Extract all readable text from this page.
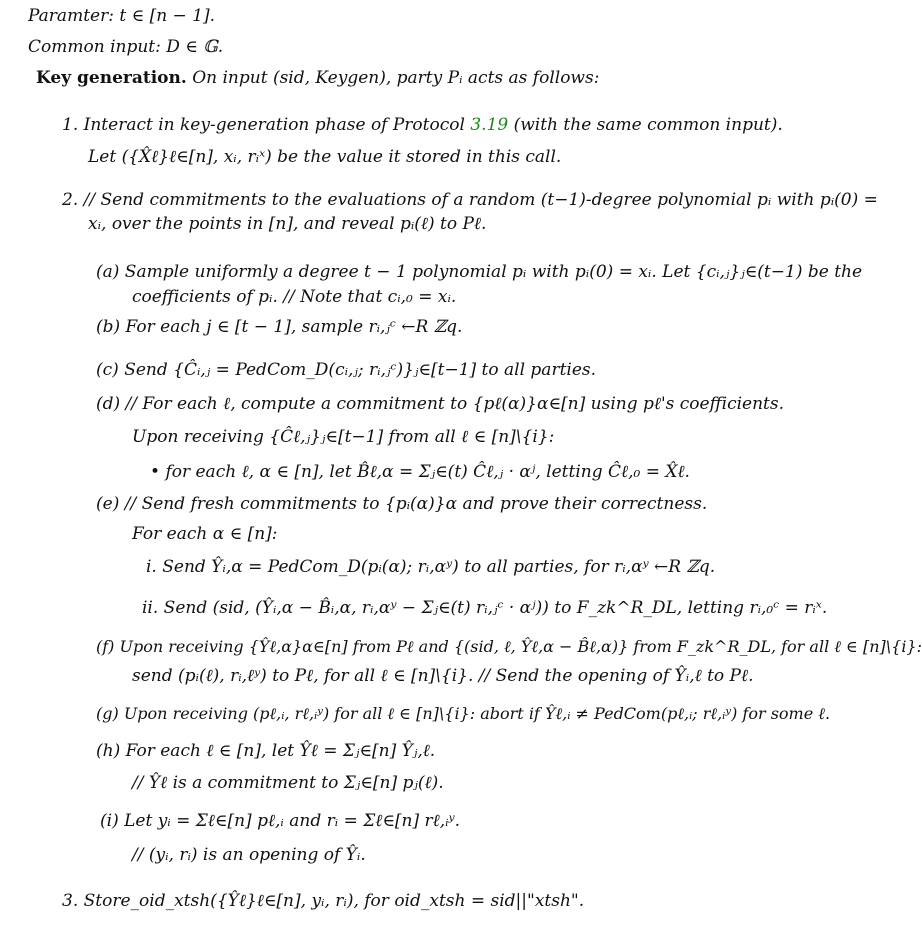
Paramter: t ∈ [n − 1].
Common input: D ∈ 𝔾.
Key generation. On input (sid, Keygen), party Pᵢ acts as follows:
1. Interact in key-generation phase of Protocol 3.19 (with the same common input).
Let ({X̂ℓ}ℓ∈[n], xᵢ, rᵢˣ) be the value it stored in this call.
2. // Send commitments to the evaluations of a random (t−1)-degree polynomial pᵢ with pᵢ(0) =
xᵢ, over the points in [n], and reveal pᵢ(ℓ) to Pℓ.
(a) Sample uniformly a degree t − 1 polynomial pᵢ with pᵢ(0) = xᵢ. Let {cᵢ,ⱼ}ⱼ∈(t−1) be the
coefficients of pᵢ. // Note that cᵢ,₀ = xᵢ.
(b) For each j ∈ [t − 1], sample rᵢ,ⱼᶜ ←R ℤq.
(c) Send {Ĉᵢ,ⱼ = PedCom_D(cᵢ,ⱼ; rᵢ,ⱼᶜ)}ⱼ∈[t−1] to all parties.
(d) // For each ℓ, compute a commitment to {pℓ(α)}α∈[n] using pℓ's coefficients.
Upon receiving {Ĉℓ,ⱼ}ⱼ∈[t−1] from all ℓ ∈ [n]\{i}:
• for each ℓ, α ∈ [n], let B̂ℓ,α = Σⱼ∈(t) Ĉℓ,ⱼ · αʲ, letting Ĉℓ,₀ = X̂ℓ.
(e) // Send fresh commitments to {pᵢ(α)}α and prove their correctness.
For each α ∈ [n]:
i. Send Ŷᵢ,α = PedCom_D(pᵢ(α); rᵢ,αʸ) to all parties, for rᵢ,αʸ ←R ℤq.
ii. Send (sid, (Ŷᵢ,α − B̂ᵢ,α, rᵢ,αʸ − Σⱼ∈(t) rᵢ,ⱼᶜ · αʲ)) to F_zk^R_DL, letting rᵢ,₀ᶜ = rᵢˣ.
(f) Upon receiving {Ŷℓ,α}α∈[n] from Pℓ and {(sid, ℓ, Ŷℓ,α − B̂ℓ,α)} from F_zk^R_DL, for all ℓ ∈ [n]\{i}:
send (pᵢ(ℓ), rᵢ,ℓʸ) to Pℓ, for all ℓ ∈ [n]\{i}. // Send the opening of Ŷᵢ,ℓ to Pℓ.
(g) Upon receiving (pℓ,ᵢ, rℓ,ᵢʸ) for all ℓ ∈ [n]\{i}: abort if Ŷℓ,ᵢ ≠ PedCom(pℓ,ᵢ; rℓ,ᵢʸ) for some ℓ.
(h) For each ℓ ∈ [n], let Ŷℓ = Σⱼ∈[n] Ŷⱼ,ℓ.
// Ŷℓ is a commitment to Σⱼ∈[n] pⱼ(ℓ).
(i) Let yᵢ = Σℓ∈[n] pℓ,ᵢ and rᵢ = Σℓ∈[n] rℓ,ᵢʸ.
// (yᵢ, rᵢ) is an opening of Ŷᵢ.
3. Store_oid_xtsh({Ŷℓ}ℓ∈[n], yᵢ, rᵢ), for oid_xtsh = sid||"xtsh".
